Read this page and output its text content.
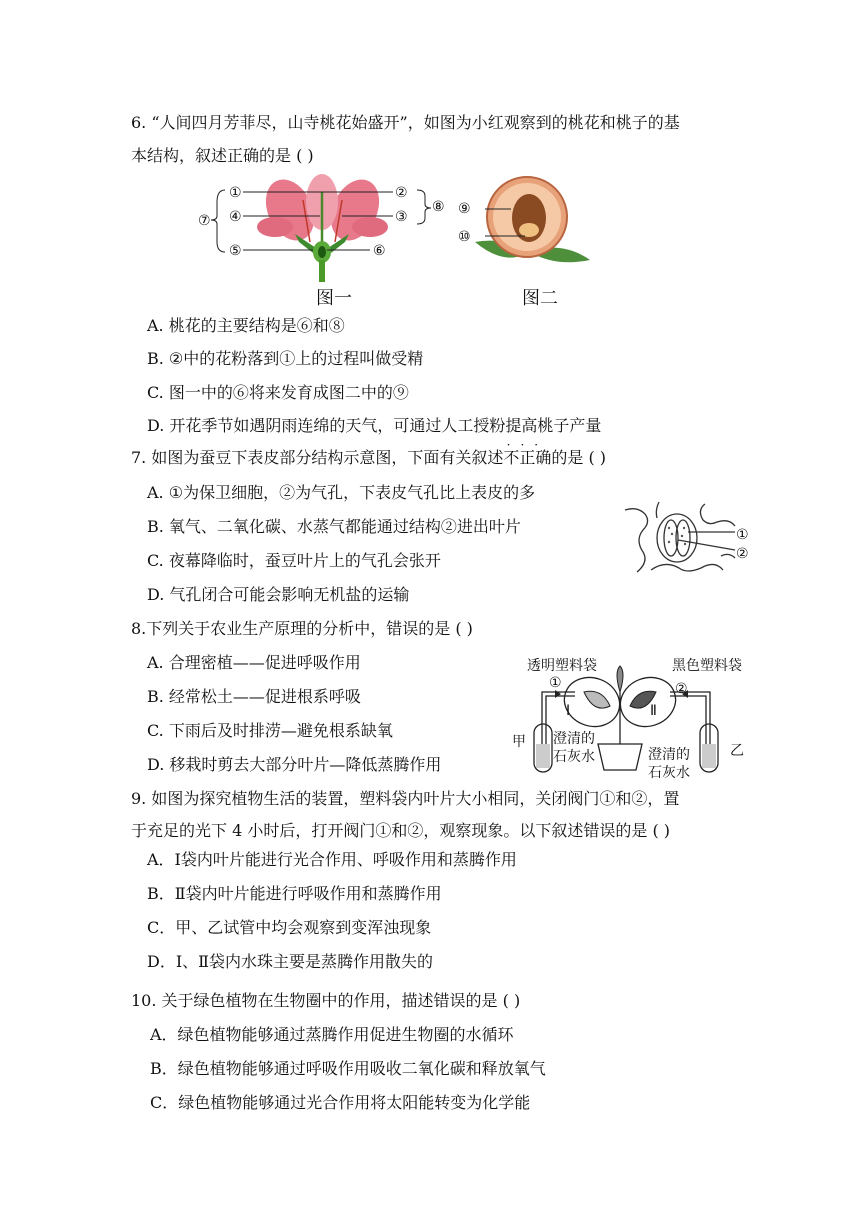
6. “人间四月芳菲尽，山寺桃花始盛开”，如图为小红观察到的桃花和桃子的基
本结构，叙述正确的是 ( )
①
④
⑤
⑦
②
③
⑥
⑧ ⑨
⑩
图一	图二
A. 桃花的主要结构是⑥和⑧
B. ②中的花粉落到①上的过程叫做受精
C. 图一中的⑥将来发育成图二中的⑨
D. 开花季节如遇阴雨连绵的天气，可通过人工授粉提高桃子产量
7. 如图为蚕豆下表皮部分结构示意图，下面有关叙述
···
不正确的是 ( )
A. ①为保卫细胞，②为气孔，下表皮气孔比上表皮的多
B. 氧气、二氧化碳、水蒸气都能通过结构②进出叶片
C. 夜幕降临时，蚕豆叶片上的气孔会张开
D. 气孔闭合可能会影响无机盐的运输
①
②
8.下列关于农业生产原理的分析中，错误的是 ( )
A. 合理密植——促进呼吸作用
B. 经常松土——促进根系呼吸
C. 下雨后及时排涝—避免根系缺氧
D. 移栽时剪去大部分叶片—降低蒸腾作用
透明塑料袋	黑色塑料袋
①	②
Ⅰ	Ⅱ
甲
乙
澄清的
石灰水	澄清的
石灰水
9. 如图为探究植物生活的装置，塑料袋内叶片大小相同，关闭阀门①和②，置
于充足的光下 4 小时后，打开阀门①和②，观察现象。以下叙述错误的是 ( )
A．Ⅰ袋内叶片能进行光合作用、呼吸作用和蒸腾作用
B．Ⅱ袋内叶片能进行呼吸作用和蒸腾作用
C．甲、乙试管中均会观察到变浑浊现象
D．Ⅰ、Ⅱ袋内水珠主要是蒸腾作用散失的
10. 关于绿色植物在生物圈中的作用，描述错误的是 ( )
A．绿色植物能够通过蒸腾作用促进生物圈的水循环
B．绿色植物能够通过呼吸作用吸收二氧化碳和释放氧气
C．绿色植物能够通过光合作用将太阳能转变为化学能
